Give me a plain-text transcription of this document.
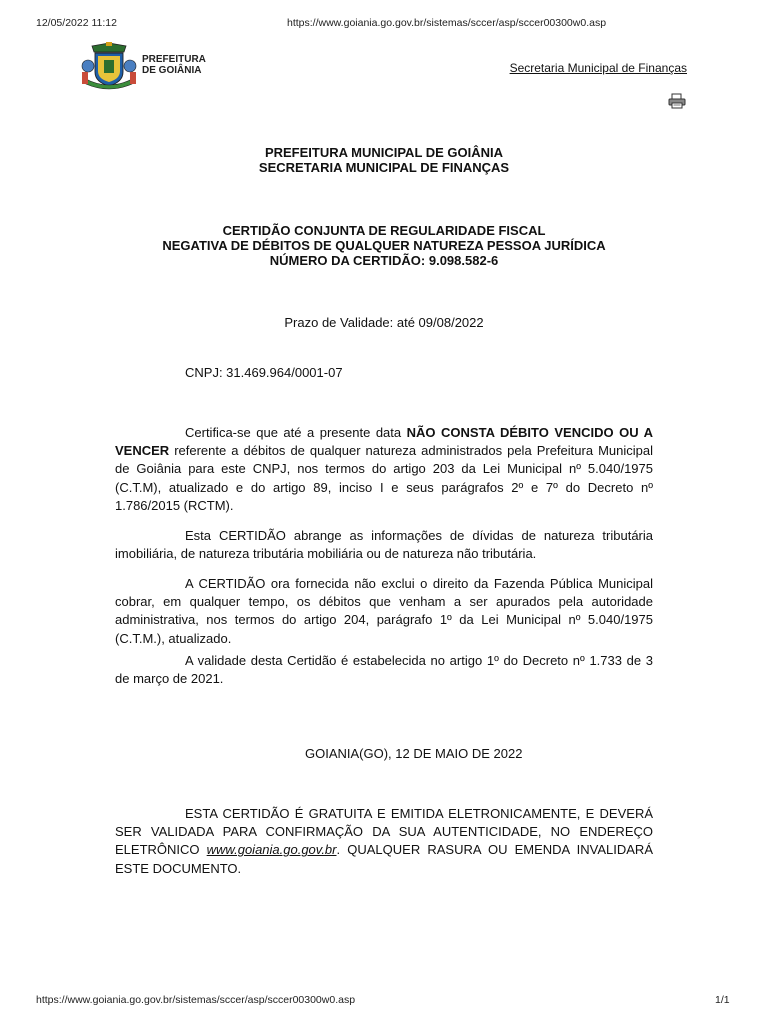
12/05/2022 11:12	https://www.goiania.go.gov.br/sistemas/sccer/asp/sccer00300w0.asp
PREFEITURA
DE GOIÂNIA	Secretaria Municipal de Finanças
PREFEITURA MUNICIPAL DE GOIÂNIA
SECRETARIA MUNICIPAL DE FINANÇAS
CERTIDÃO CONJUNTA DE REGULARIDADE FISCAL
NEGATIVA DE DÉBITOS DE QUALQUER NATUREZA PESSOA JURÍDICA
NÚMERO DA CERTIDÃO: 9.098.582-6
Prazo de Validade: até 09/08/2022
CNPJ: 31.469.964/0001-07
Certifica-se que até a presente data NÃO CONSTA DÉBITO VENCIDO OU A VENCER referente a débitos de qualquer natureza administrados pela Prefeitura Municipal de Goiânia para este CNPJ, nos termos do artigo 203 da Lei Municipal nº 5.040/1975 (C.T.M), atualizado e do artigo 89, inciso I e seus parágrafos 2º e 7º do Decreto nº 1.786/2015 (RCTM).
Esta CERTIDÃO abrange as informações de dívidas de natureza tributária imobiliária, de natureza tributária mobiliária ou de natureza não tributária.
A CERTIDÃO ora fornecida não exclui o direito da Fazenda Pública Municipal cobrar, em qualquer tempo, os débitos que venham a ser apurados pela autoridade administrativa, nos termos do artigo 204, parágrafo 1º da Lei Municipal nº 5.040/1975 (C.T.M.), atualizado.
A validade desta Certidão é estabelecida no artigo 1º do Decreto nº 1.733 de 3 de março de 2021.
GOIANIA(GO), 12 DE MAIO DE 2022
ESTA CERTIDÃO É GRATUITA E EMITIDA ELETRONICAMENTE, E DEVERÁ SER VALIDADA PARA CONFIRMAÇÃO DA SUA AUTENTICIDADE, NO ENDEREÇO ELETRÔNICO www.goiania.go.gov.br. QUALQUER RASURA OU EMENDA INVALIDARÁ ESTE DOCUMENTO.
https://www.goiania.go.gov.br/sistemas/sccer/asp/sccer00300w0.asp	1/1
